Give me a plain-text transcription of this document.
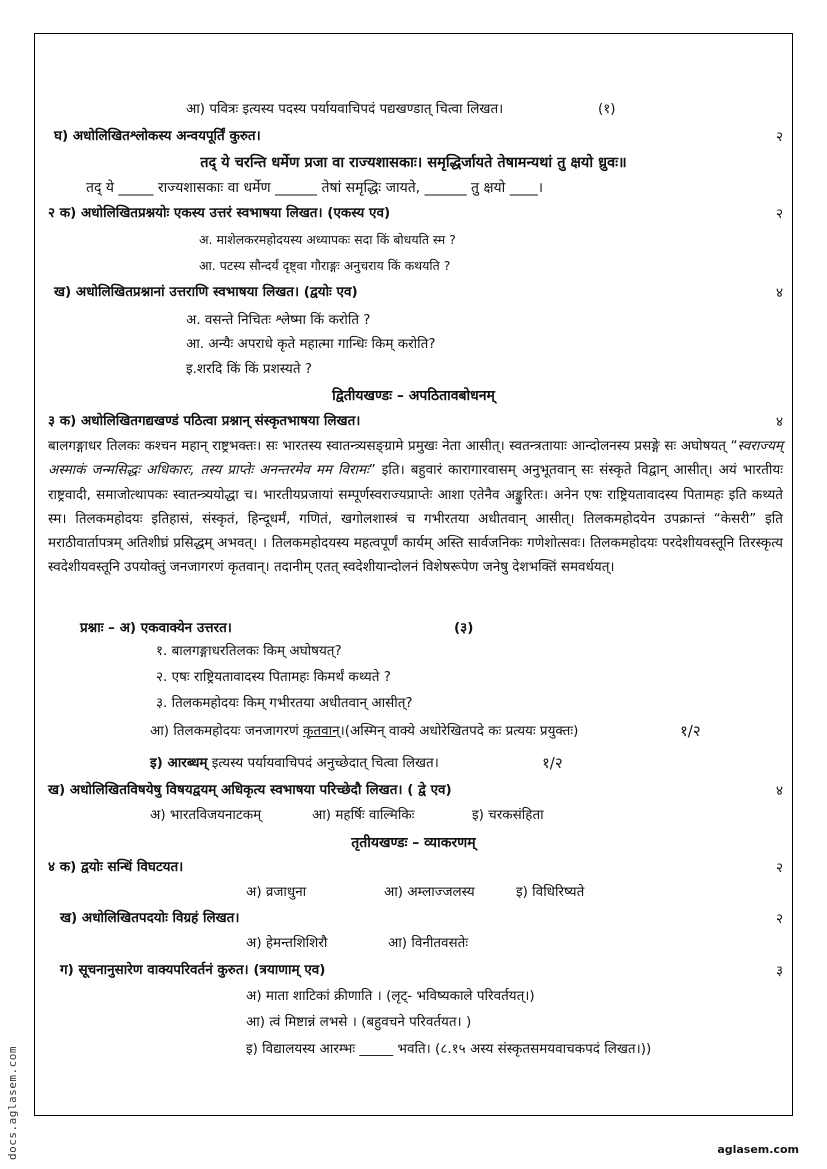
आ) पवित्रः इत्यस्य पदस्य पर्यायवाचिपदं पद्यखण्डात् चित्वा लिखत।	(१)
घ) अधोलिखितश्लोकस्य अन्वयपूर्तिं कुरुत।	२
तद् ये चरन्ति धर्मेण प्रजा वा राज्यशासकाः। समृद्धिर्जायते तेषामन्यथां तु क्षयो ध्रुवः॥
तद् ये _____ राज्यशासकाः वा धर्मेण ______ तेषां समृद्धिः जायते, ______ तु क्षयो ____।
२ क) अधोलिखितप्रश्नयोः एकस्य उत्तरं स्वभाषया लिखत। (एकस्य एव)	२
अ. माशेलकरमहोदयस्य अध्यापकः सदा किं बोधयति स्म ?
आ. पटस्य सौन्दर्यं दृष्ट्वा गौराङ्गः अनुचराय किं कथयति ?
ख) अधोलिखितप्रश्नानां उत्तराणि स्वभाषया लिखत। (द्वयोः एव)	४
अ. वसन्ते निचितः श्लेष्मा किं करोति ?
आ. अन्यैः अपराधे कृते महात्मा गान्धिः किम् करोति?
इ.शरदि किं किं प्रशस्यते ?
द्वितीयखण्डः – अपठितावबोधनम्
३ क) अधोलिखितगद्यखण्डं पठित्वा प्रश्नान् संस्कृतभाषया लिखत।	४
बालगङ्गाधर तिलकः कश्चन महान् राष्ट्रभक्तः। सः भारतस्य स्वातन्त्र्यसङ्ग्रामे प्रमुखः नेता आसीत्। स्वतन्त्रतायाः आन्दोलनस्य प्रसङ्गे सः अघोषयत् “स्वराज्यम् अस्माकं जन्मसिद्धः अधिकारः, तस्य प्राप्तेः अनन्तरमेव मम विरामः” इति। बहुवारं कारागारवासम् अनुभूतवान् सः संस्कृते विद्वान् आसीत्। अयं भारतीयः राष्ट्रवादी, समाजोत्थापकः स्वातन्त्र्ययोद्धा च। भारतीयप्रजायां सम्पूर्णस्वराज्यप्राप्तेः आशा एतेनैव अङ्कुरितः। अनेन एषः राष्ट्रियतावादस्य पितामहः इति कथ्यते स्म। तिलकमहोदयः इतिहासं, संस्कृतं, हिन्दूधर्मं, गणितं, खगोलशास्त्रं च गभीरतया अधीतवान् आसीत्। तिलकमहोदयेन उपक्रान्तं “केसरी” इति मराठीवार्तापत्रम् अतिशीघ्रं प्रसिद्धम् अभवत्। । तिलकमहोदयस्य महत्वपूर्णं कार्यम् अस्ति सार्वजनिकः गणेशोत्सवः। तिलकमहोदयः परदेशीयवस्तूनि तिरस्कृत्य स्वदेशीयवस्तूनि उपयोक्तुं जनजागरणं कृतवान्। तदानीम् एतत् स्वदेशीयान्दोलनं विशेषरूपेण जनेषु देशभक्तिं समवर्धयत्।
प्रश्नाः – अ) एकवाक्येन उत्तरत।	(३)
१. बालगङ्गाधरतिलकः किम् अघोषयत्?
२. एषः राष्ट्रियतावादस्य पितामहः किमर्थं कथ्यते ?
३. तिलकमहोदयः किम् गभीरतया अधीतवान् आसीत्?
आ) तिलकमहोदयः जनजागरणं कृतवान्।(अस्मिन् वाक्ये अधोरेखितपदे कः प्रत्ययः प्रयुक्तः)	१/२
इ) आरब्धम् इत्यस्य पर्यायवाचिपदं अनुच्छेदात् चित्वा लिखत।	१/२
ख) अधोलिखितविषयेषु विषयद्वयम् अधिकृत्य स्वभाषया परिच्छेदौ लिखत। ( द्वे एव)	४
अ) भारतविजयनाटकम्	आ) महर्षिः वाल्मिकिः	इ) चरकसंहिता
तृतीयखण्डः – व्याकरणम्
४ क) द्वयोः सन्धिं विघटयत।	२
अ) व्रजाधुना	आ) अम्लाज्जलस्य	इ) विधिरिष्यते
ख) अधोलिखितपदयोः विग्रहं लिखत।	२
अ) हेमन्तशिशिरौ	आ) विनीतवसतेः
ग) सूचनानुसारेण वाक्यपरिवर्तनं कुरुत। (त्रयाणाम् एव)	३
अ) माता शाटिकां क्रीणाति । (लृट्- भविष्यकाले परिवर्तयत्।)
आ) त्वं मिष्टान्नं लभसे । (बहुवचने परिवर्तयत। )
इ) विद्यालयस्य आरम्भः _____ भवति। (८.१५ अस्य संस्कृतसमयवाचकपदं लिखत।))
docs.aglasem.com	aglasem.com
